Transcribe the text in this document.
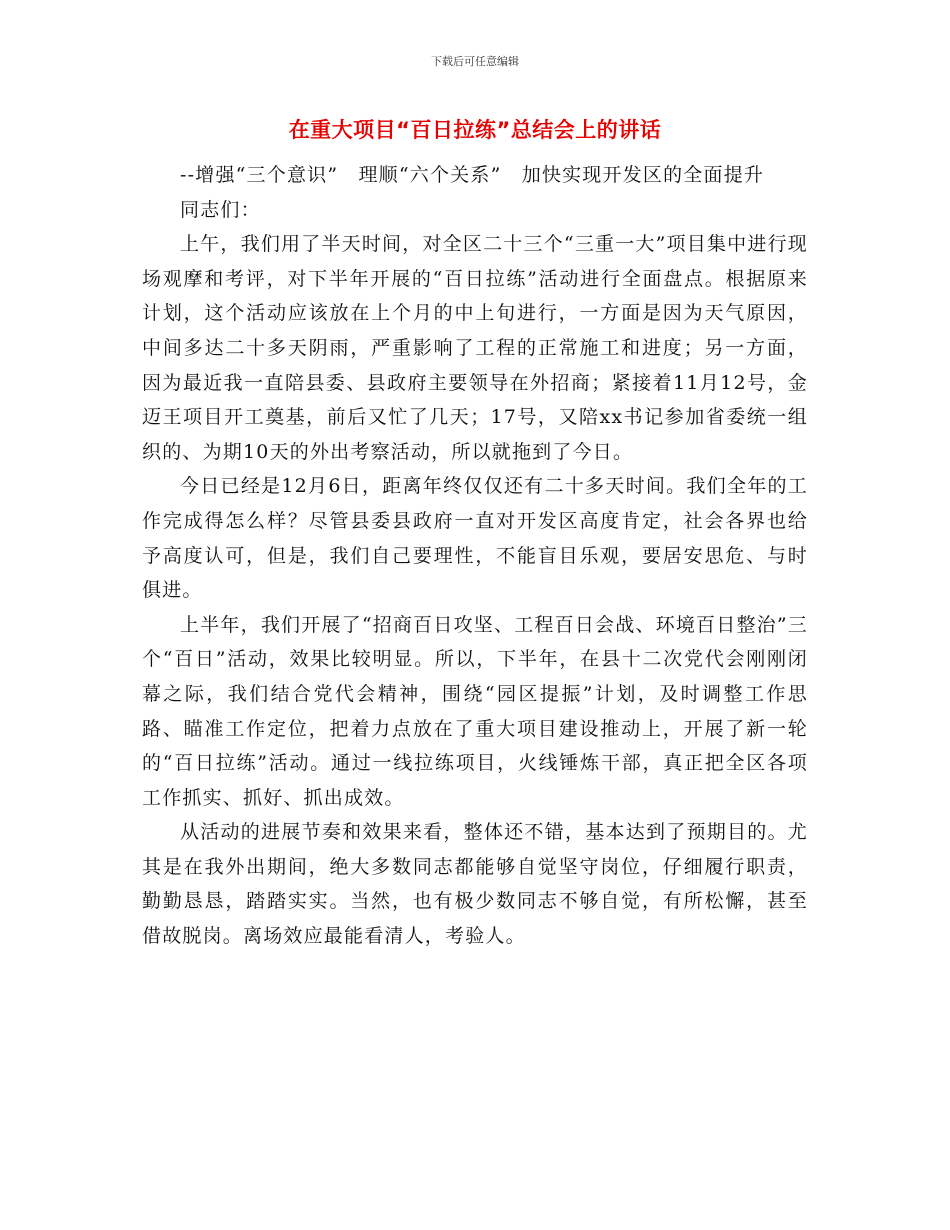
下载后可任意编辑
在重大项目“百日拉练”总结会上的讲话

--增强“三个意识”　理顺“六个关系”　加快实现开发区的全面提升

同志们：

上午，我们用了半天时间，对全区二十三个“三重一大”项目集中进行现场观摩和考评，对下半年开展的“百日拉练”活动进行全面盘点。根据原来计划，这个活动应该放在上个月的中上旬进行，一方面是因为天气原因，中间多达二十多天阴雨，严重影响了工程的正常施工和进度；另一方面，因为最近我一直陪县委、县政府主要领导在外招商；紧接着11月12号，金迈王项目开工奠基，前后又忙了几天；17号，又陪xx书记参加省委统一组织的、为期10天的外出考察活动，所以就拖到了今日。

今日已经是12月6日，距离年终仅仅还有二十多天时间。我们全年的工作完成得怎么样？尽管县委县政府一直对开发区高度肯定，社会各界也给予高度认可，但是，我们自己要理性，不能盲目乐观，要居安思危、与时俱进。

上半年，我们开展了“招商百日攻坚、工程百日会战、环境百日整治”三个“百日”活动，效果比较明显。所以，下半年，在县十二次党代会刚刚闭幕之际，我们结合党代会精神，围绕“园区提振”计划，及时调整工作思路、瞄准工作定位，把着力点放在了重大项目建设推动上，开展了新一轮的“百日拉练”活动。通过一线拉练项目，火线锤炼干部，真正把全区各项工作抓实、抓好、抓出成效。

从活动的进展节奏和效果来看，整体还不错，基本达到了预期目的。尤其是在我外出期间，绝大多数同志都能够自觉坚守岗位，仔细履行职责，勤勤恳恳，踏踏实实。当然，也有极少数同志不够自觉，有所松懈，甚至借故脱岗。离场效应最能看清人，考验人。
